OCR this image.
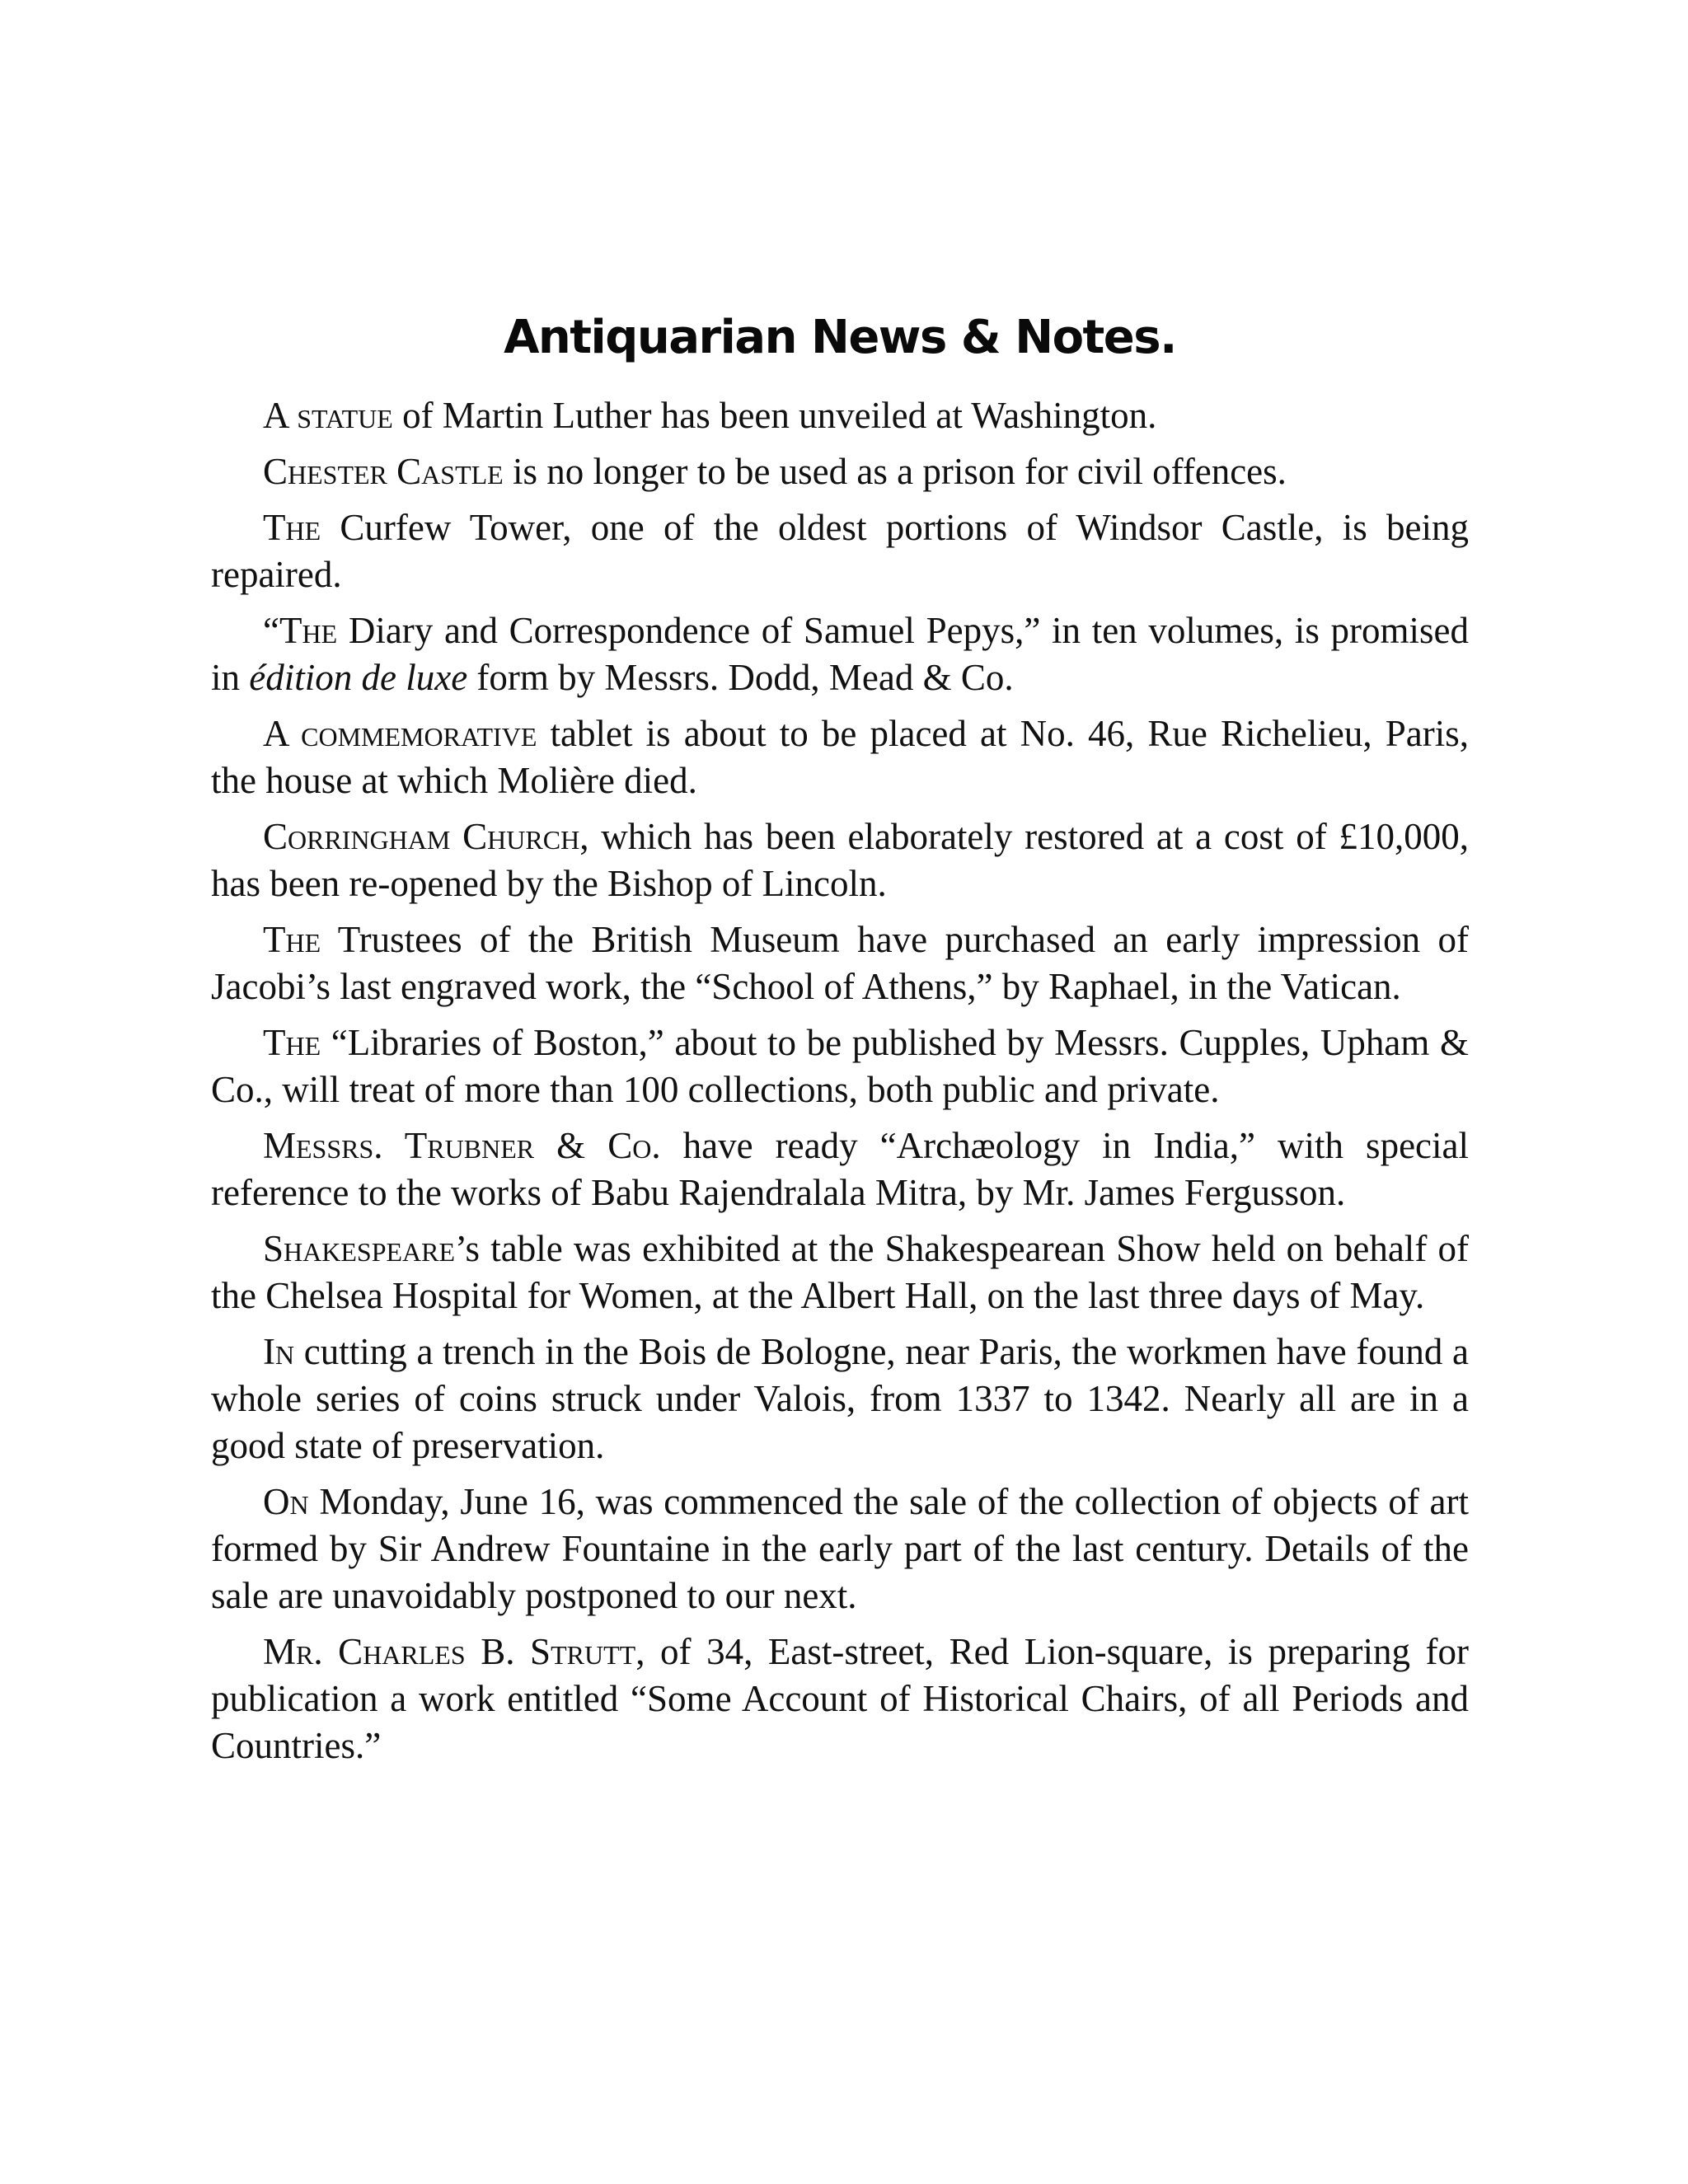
Antiquarian News & Notes.

A statue of Martin Luther has been unveiled at Washington.

Chester Castle is no longer to be used as a prison for civil offences.

The Curfew Tower, one of the oldest portions of Windsor Castle, is being repaired.

“The Diary and Correspondence of Samuel Pepys,” in ten volumes, is promised in édition de luxe form by Messrs. Dodd, Mead & Co.

A commemorative tablet is about to be placed at No. 46, Rue Richelieu, Paris, the house at which Molière died.

Corringham Church, which has been elaborately restored at a cost of £10,000, has been re-opened by the Bishop of Lincoln.

The Trustees of the British Museum have purchased an early impression of Jacobi’s last engraved work, the “School of Athens,” by Raphael, in the Vatican.

The “Libraries of Boston,” about to be published by Messrs. Cupples, Upham & Co., will treat of more than 100 collections, both public and private.

Messrs. Trubner & Co. have ready “Archæology in India,” with special reference to the works of Babu Rajendralala Mitra, by Mr. James Fergusson.

Shakespeare’s table was exhibited at the Shakespearean Show held on behalf of the Chelsea Hospital for Women, at the Albert Hall, on the last three days of May.

In cutting a trench in the Bois de Bologne, near Paris, the workmen have found a whole series of coins struck under Valois, from 1337 to 1342. Nearly all are in a good state of preservation.

On Monday, June 16, was commenced the sale of the collection of objects of art formed by Sir Andrew Fountaine in the early part of the last century. Details of the sale are unavoidably postponed to our next.

Mr. Charles B. Strutt, of 34, East-street, Red Lion-square, is preparing for publication a work entitled “Some Account of Historical Chairs, of all Periods and Countries.”
